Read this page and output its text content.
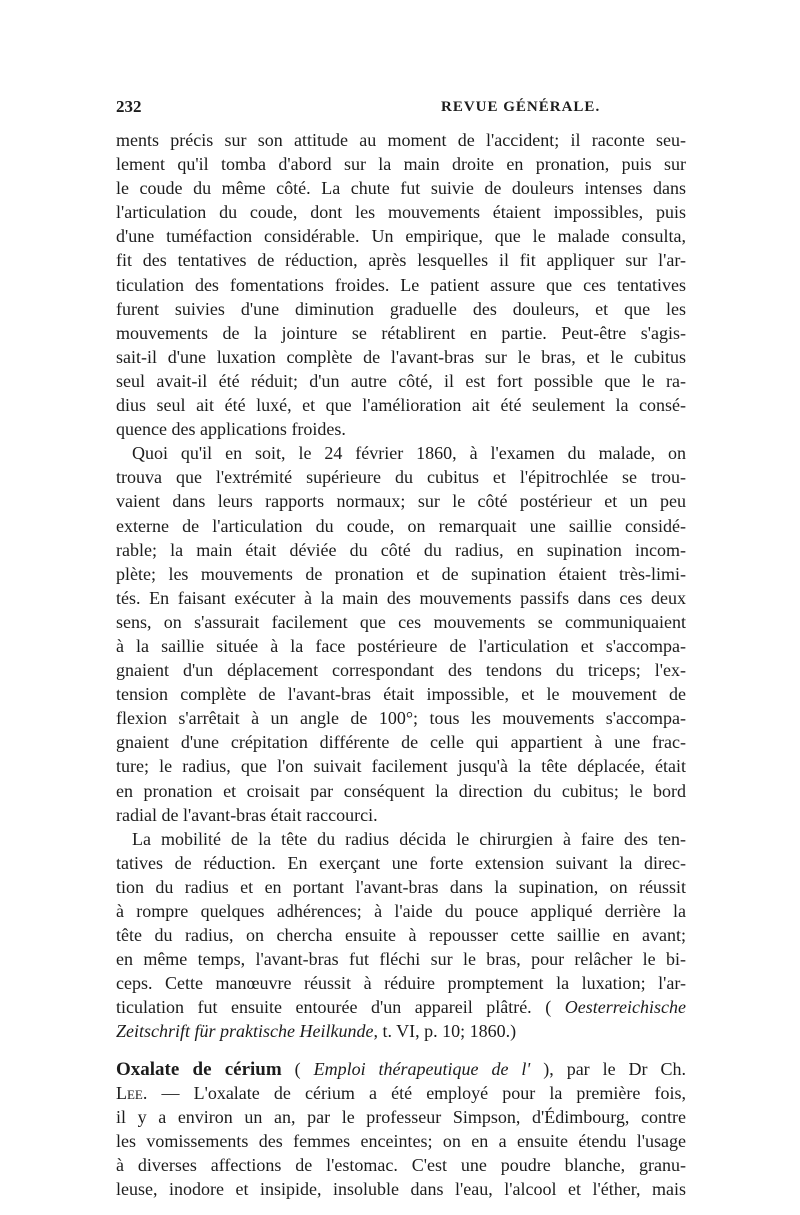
232	REVUE GÉNÉRALE.
ments précis sur son attitude au moment de l'accident; il raconte seu-
lement qu'il tomba d'abord sur la main droite en pronation, puis sur
le coude du même côté. La chute fut suivie de douleurs intenses dans
l'articulation du coude, dont les mouvements étaient impossibles, puis
d'une tuméfaction considérable. Un empirique, que le malade consulta,
fit des tentatives de réduction, après lesquelles il fit appliquer sur l'ar-
ticulation des fomentations froides. Le patient assure que ces tentatives
furent suivies d'une diminution graduelle des douleurs, et que les
mouvements de la jointure se rétablirent en partie. Peut-être s'agis-
sait-il d'une luxation complète de l'avant-bras sur le bras, et le cubitus
seul avait-il été réduit; d'un autre côté, il est fort possible que le ra-
dius seul ait été luxé, et que l'amélioration ait été seulement la consé-
quence des applications froides.
Quoi qu'il en soit, le 24 février 1860, à l'examen du malade, on
trouva que l'extrémité supérieure du cubitus et l'épitrochlée se trou-
vaient dans leurs rapports normaux; sur le côté postérieur et un peu
externe de l'articulation du coude, on remarquait une saillie considé-
rable; la main était déviée du côté du radius, en supination incom-
plète; les mouvements de pronation et de supination étaient très-limi-
tés. En faisant exécuter à la main des mouvements passifs dans ces deux
sens, on s'assurait facilement que ces mouvements se communiquaient
à la saillie située à la face postérieure de l'articulation et s'accompa-
gnaient d'un déplacement correspondant des tendons du triceps; l'ex-
tension complète de l'avant-bras était impossible, et le mouvement de
flexion s'arrêtait à un angle de 100°; tous les mouvements s'accompa-
gnaient d'une crépitation différente de celle qui appartient à une frac-
ture; le radius, que l'on suivait facilement jusqu'à la tête déplacée, était
en pronation et croisait par conséquent la direction du cubitus; le bord
radial de l'avant-bras était raccourci.
La mobilité de la tête du radius décida le chirurgien à faire des ten-
tatives de réduction. En exerçant une forte extension suivant la direc-
tion du radius et en portant l'avant-bras dans la supination, on réussit
à rompre quelques adhérences; à l'aide du pouce appliqué derrière la
tête du radius, on chercha ensuite à repousser cette saillie en avant;
en même temps, l'avant-bras fut fléchi sur le bras, pour relâcher le bi-
ceps. Cette manœuvre réussit à réduire promptement la luxation; l'ar-
ticulation fut ensuite entourée d'un appareil plâtré. ( Oesterreichische
Zeitschrift für praktische Heilkunde, t. VI, p. 10; 1860.)
Oxalate de cérium ( Emploi thérapeutique de l' ), par le Dr Ch.
Lee. — L'oxalate de cérium a été employé pour la première fois,
il y a environ un an, par le professeur Simpson, d'Édimbourg, contre
les vomissements des femmes enceintes; on en a ensuite étendu l'usage
à diverses affections de l'estomac. C'est une poudre blanche, granu-
leuse, inodore et insipide, insoluble dans l'eau, l'alcool et l'éther, mais
